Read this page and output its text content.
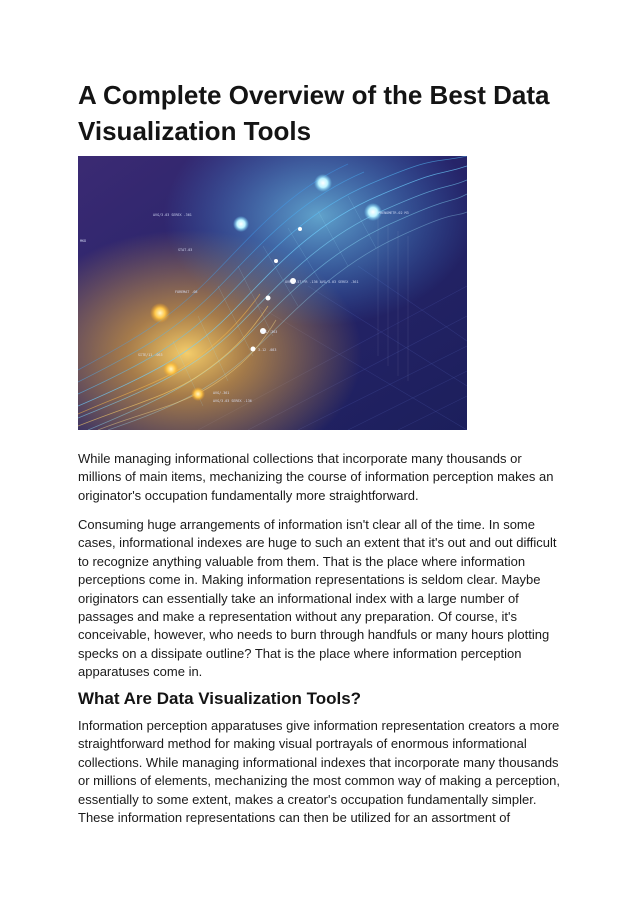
A Complete Overview of the Best Data Visualization Tools
AVG/3.03 SEREX .361	PHENOMETR.02 M3
OVR/2.57/FR .136 AVG/3.03 SEREX .361
FOREMAT .08
AVG/.363
3.12 .083
AVG/.361
AVG/3.03 SEREX .136
SITE/11 .063
MKD
STAT.03

While managing informational collections that incorporate many thousands or millions of main items, mechanizing the course of information perception makes an originator's occupation fundamentally more straightforward.

Consuming huge arrangements of information isn't clear all of the time. In some cases, informational indexes are huge to such an extent that it's out and out difficult to recognize anything valuable from them. That is the place where information perceptions come in. Making information representations is seldom clear. Maybe originators can essentially take an informational index with a large number of passages and make a representation without any preparation. Of course, it's conceivable, however, who needs to burn through handfuls or many hours plotting specks on a dissipate outline? That is the place where information perception apparatuses come in.

What Are Data Visualization Tools?

Information perception apparatuses give information representation creators a more straightforward method for making visual portrayals of enormous informational collections. While managing informational indexes that incorporate many thousands or millions of elements, mechanizing the most common way of making a perception, essentially to some extent, makes a creator's occupation fundamentally simpler. These information representations can then be utilized for an assortment of
